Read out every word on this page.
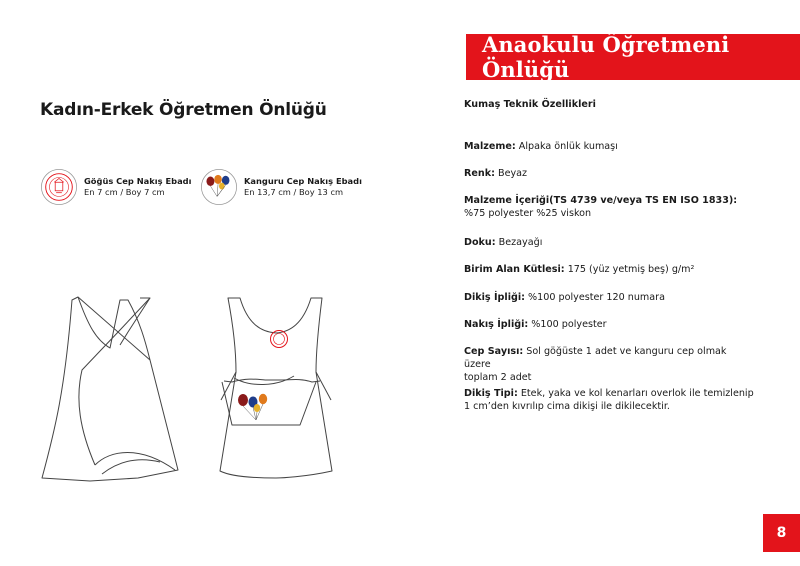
Anaokulu Öğretmeni Önlüğü
Kadın-Erkek Öğretmen Önlüğü
Göğüs Cep Nakış Ebadı
En 7 cm / Boy 7 cm
Kanguru Cep Nakış Ebadı
En 13,7 cm / Boy 13 cm
Kumaş Teknik Özellikleri
Malzeme: Alpaka önlük kumaşı
Renk: Beyaz
Malzeme İçeriği(TS 4739 ve/veya TS EN ISO 1833):
%75 polyester %25 viskon
Doku: Bezayağı
Birim Alan Kütlesi: 175 (yüz yetmiş beş) g/m²
Dikiş İpliği: %100 polyester 120 numara
Nakış İpliği: %100 polyester
Cep Sayısı: Sol göğüste 1 adet ve kanguru cep olmak üzere
toplam 2 adet
Dikiş Tipi: Etek, yaka ve kol kenarları overlok ile temizlenip
1 cm’den kıvrılıp cima dikişi ile dikilecektir.
8
